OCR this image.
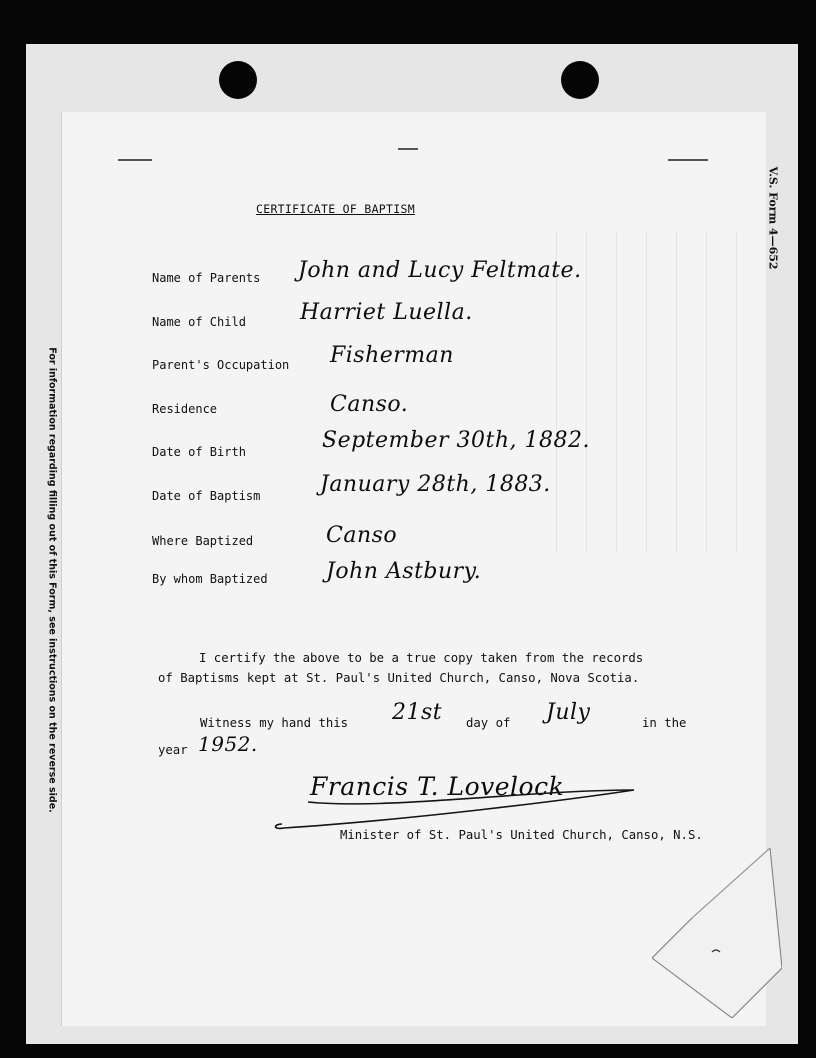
For information regarding filling out of this Form, see instructions on the reverse side.
V.S. Form 4—652
CERTIFICATE OF BAPTISM
Name of Parents John and Lucy Feltmate.
Name of Child Harriet Luella.
Parent's Occupation Fisherman
Residence	Canso.
Date of Birth	September 30th, 1882.
Date of Baptism	January 28th, 1883.
Where Baptized	Canso
By whom Baptized	John Astbury.
I certify the above to be a true copy taken from the records
of Baptisms kept at St. Paul's United Church, Canso, Nova Scotia.
Witness my hand this 21st day of July	in the
year 1952.
Francis T. Lovelock
Minister of St. Paul's United Church, Canso, N.S.
